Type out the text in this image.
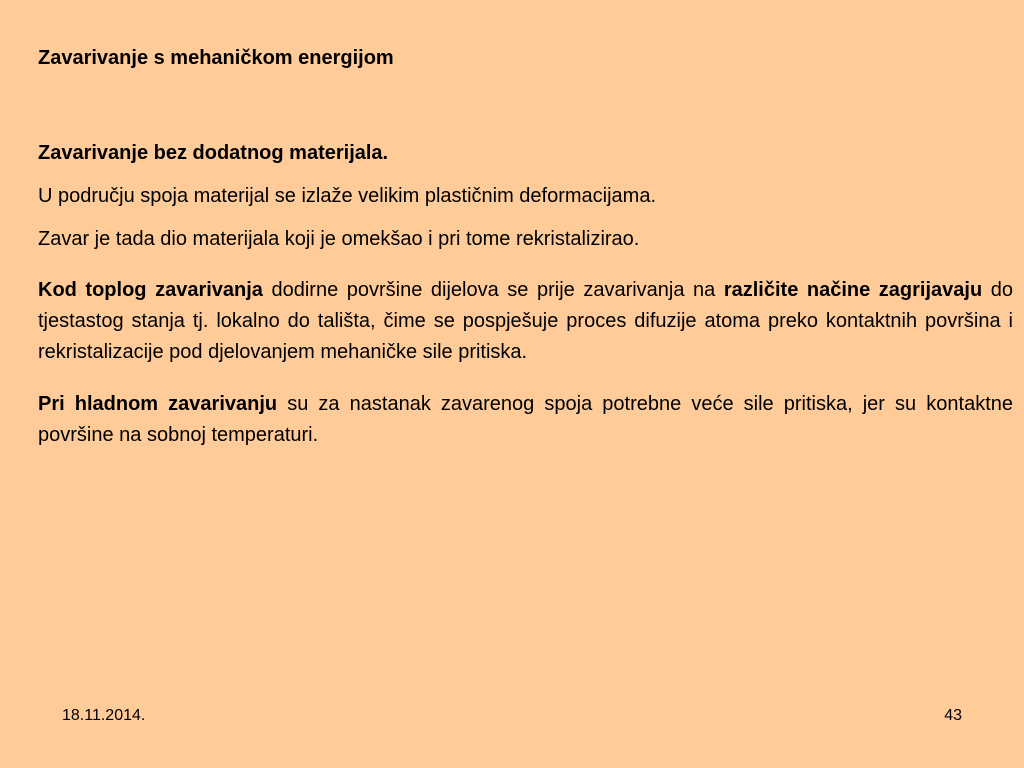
Zavarivanje s mehaničkom energijom

Zavarivanje bez dodatnog materijala.

U području spoja materijal se izlaže velikim plastičnim deformacijama.

Zavar je tada dio materijala koji je omekšao i pri tome rekristalizirao.

Kod toplog zavarivanja dodirne površine dijelova se prije zavarivanja na različite načine zagrijavaju do tjestastog stanja tj. lokalno do tališta, čime se pospješuje proces difuzije atoma preko kontaktnih površina i rekristalizacije pod djelovanjem mehaničke sile pritiska.

Pri hladnom zavarivanju su za nastanak zavarenog spoja potrebne veće sile pritiska, jer su kontaktne površine na sobnoj temperaturi.

18.11.2014.	43
